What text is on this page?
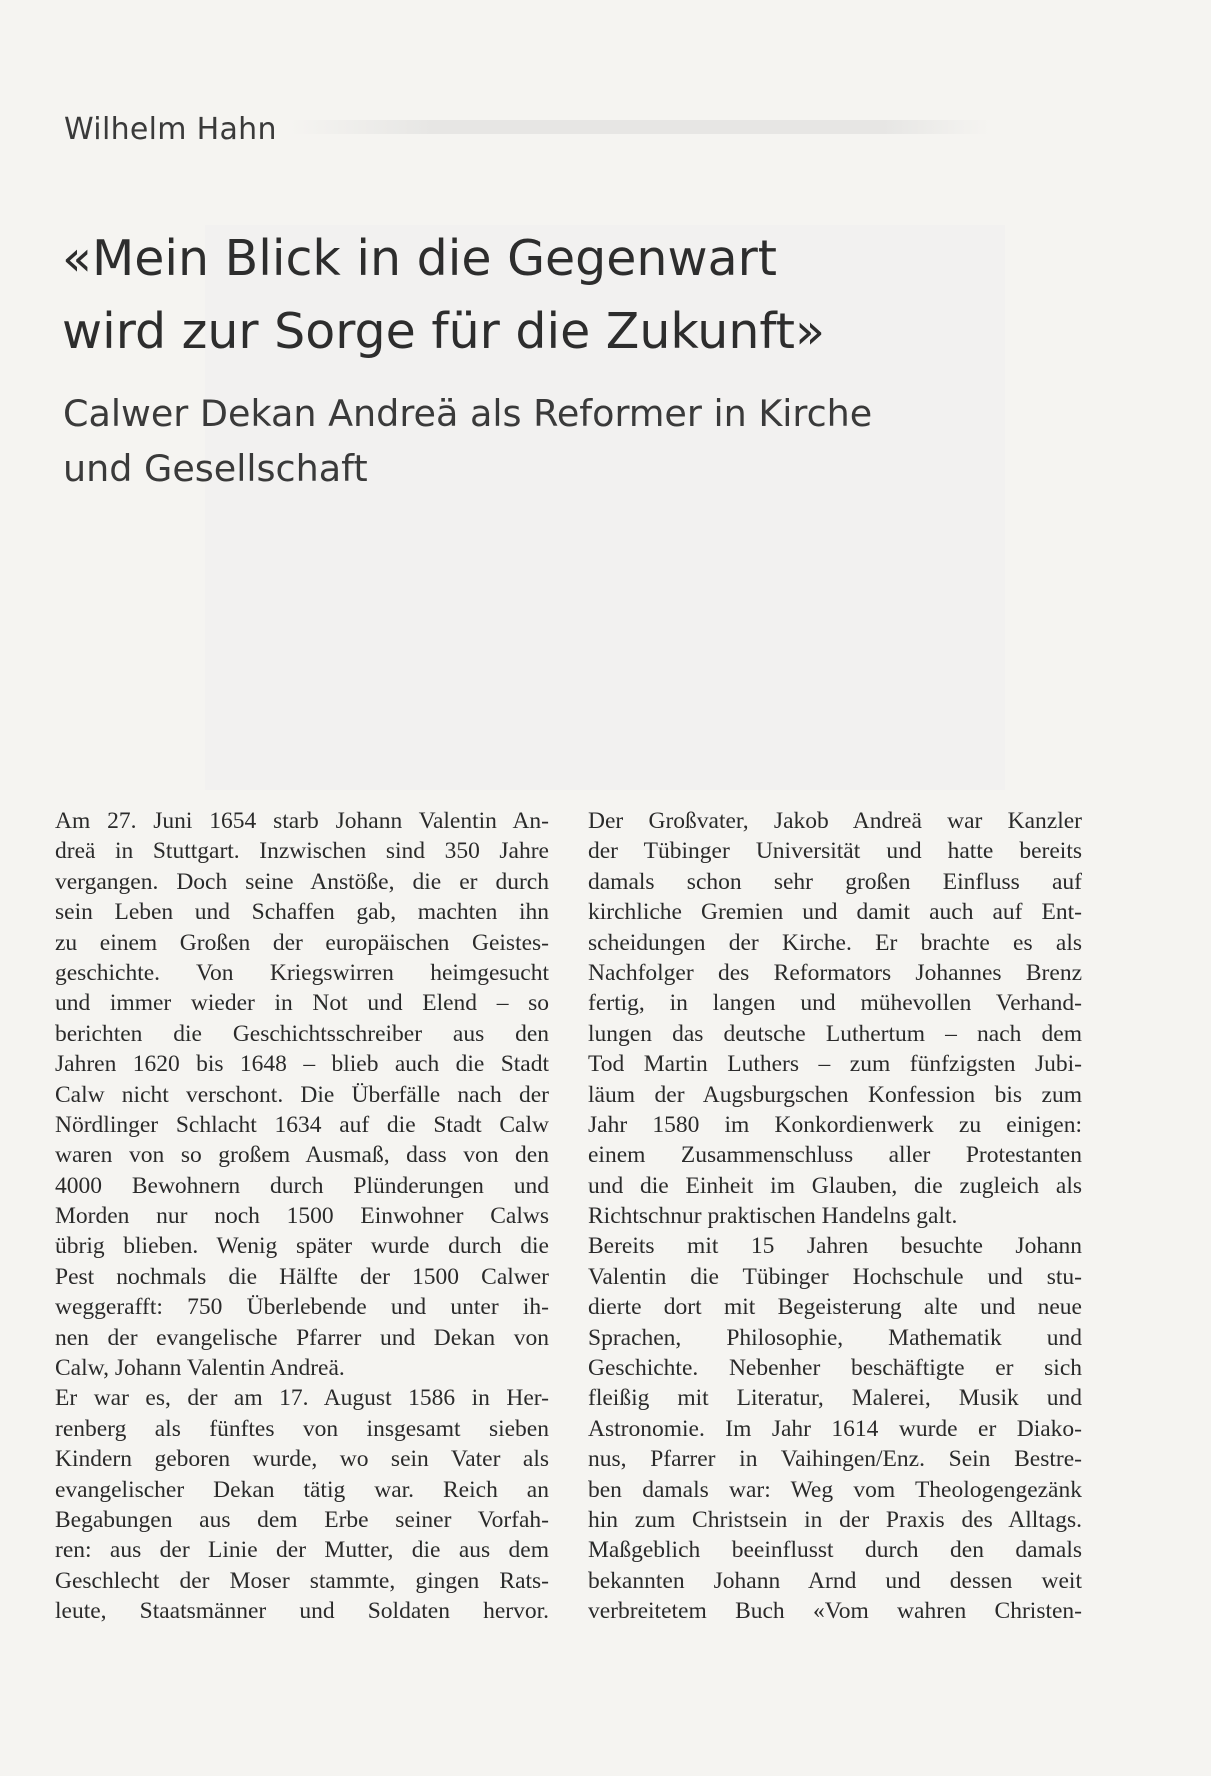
Wilhelm Hahn

«Mein Blick in die Gegenwart
wird zur Sorge für die Zukunft»
Calwer Dekan Andreä als Reformer in Kirche
und Gesellschaft
Am 27. Juni 1654 starb Johann Valentin An-
dreä in Stuttgart. Inzwischen sind 350 Jahre
vergangen. Doch seine Anstöße, die er durch
sein Leben und Schaffen gab, machten ihn
zu einem Großen der europäischen Geistes-
geschichte. Von Kriegswirren heimgesucht
und immer wieder in Not und Elend – so
berichten die Geschichtsschreiber aus den
Jahren 1620 bis 1648 – blieb auch die Stadt
Calw nicht verschont. Die Überfälle nach der
Nördlinger Schlacht 1634 auf die Stadt Calw
waren von so großem Ausmaß, dass von den
4000 Bewohnern durch Plünderungen und
Morden nur noch 1500 Einwohner Calws
übrig blieben. Wenig später wurde durch die
Pest nochmals die Hälfte der 1500 Calwer
weggerafft: 750 Überlebende und unter ih-
nen der evangelische Pfarrer und Dekan von
Calw, Johann Valentin Andreä.
Er war es, der am 17. August 1586 in Her-
renberg als fünftes von insgesamt sieben
Kindern geboren wurde, wo sein Vater als
evangelischer Dekan tätig war. Reich an
Begabungen aus dem Erbe seiner Vorfah-
ren: aus der Linie der Mutter, die aus dem
Geschlecht der Moser stammte, gingen Rats-
leute, Staatsmänner und Soldaten hervor.
Der Großvater, Jakob Andreä war Kanzler
der Tübinger Universität und hatte bereits
damals schon sehr großen Einfluss auf
kirchliche Gremien und damit auch auf Ent-
scheidungen der Kirche. Er brachte es als
Nachfolger des Reformators Johannes Brenz
fertig, in langen und mühevollen Verhand-
lungen das deutsche Luthertum – nach dem
Tod Martin Luthers – zum fünfzigsten Jubi-
läum der Augsburgschen Konfession bis zum
Jahr 1580 im Konkordienwerk zu einigen:
einem Zusammenschluss aller Protestanten
und die Einheit im Glauben, die zugleich als
Richtschnur praktischen Handelns galt.
Bereits mit 15 Jahren besuchte Johann
Valentin die Tübinger Hochschule und stu-
dierte dort mit Begeisterung alte und neue
Sprachen, Philosophie, Mathematik und
Geschichte. Nebenher beschäftigte er sich
fleißig mit Literatur, Malerei, Musik und
Astronomie. Im Jahr 1614 wurde er Diako-
nus, Pfarrer in Vaihingen/Enz. Sein Bestre-
ben damals war: Weg vom Theologengezänk
hin zum Christsein in der Praxis des Alltags.
Maßgeblich beeinflusst durch den damals
bekannten Johann Arnd und dessen weit
verbreitetem Buch «Vom wahren Christen-
